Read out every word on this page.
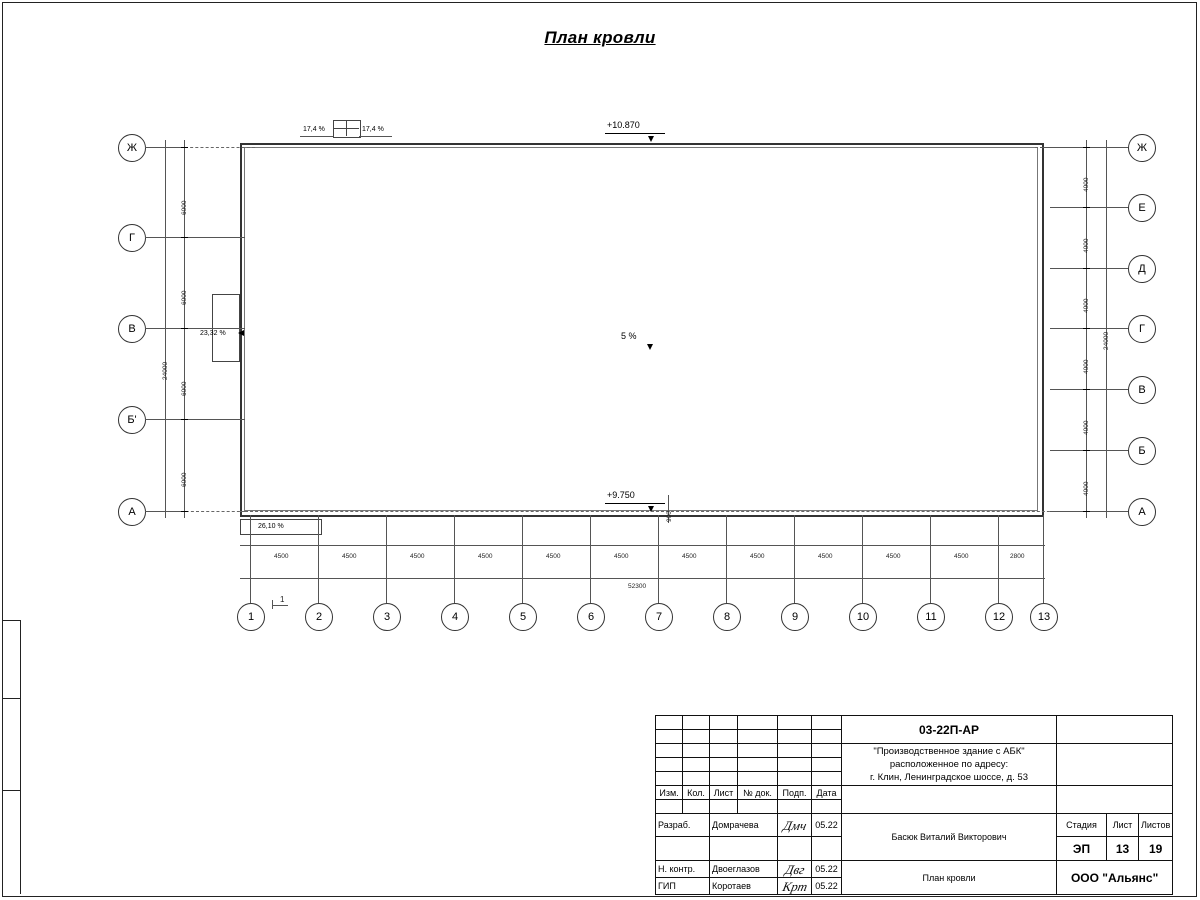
План кровли
17,4 %	17,4 %
23,32 %
26,10 %
5 %
+10.870
+9.750
900
Ж
Г
В
Б'
А
6000
6000
6000
6000
24000
Ж
Е
Д
Г
В
Б
А
4000
4000
4000
4000
4000
4000
24000
1	2	3	4	5	6	7	8	9	10	11	12	13
52300
4500	4500	4500	4500	4500	4500	4500	4500	4500	4500	4500	2800
1
						03-22П-АР			

						"Производственное здание с АБК" расположенное по адресу:
г. Клин, Ленинградское шоссе, д. 53			

Изм.	Кол.	Лист	№ док.	Подп.	Дата				

Разраб.		Домрачева		Дмч	05.22	Басюк Виталий Викторович	Стадия	Лист	Листов
							ЭП	13	19
Н. контр.		Двоеглазов		Двг	05.22	План кровли	ООО "Альянс"		
ГИП		Коротаев		Крт	05.22				
